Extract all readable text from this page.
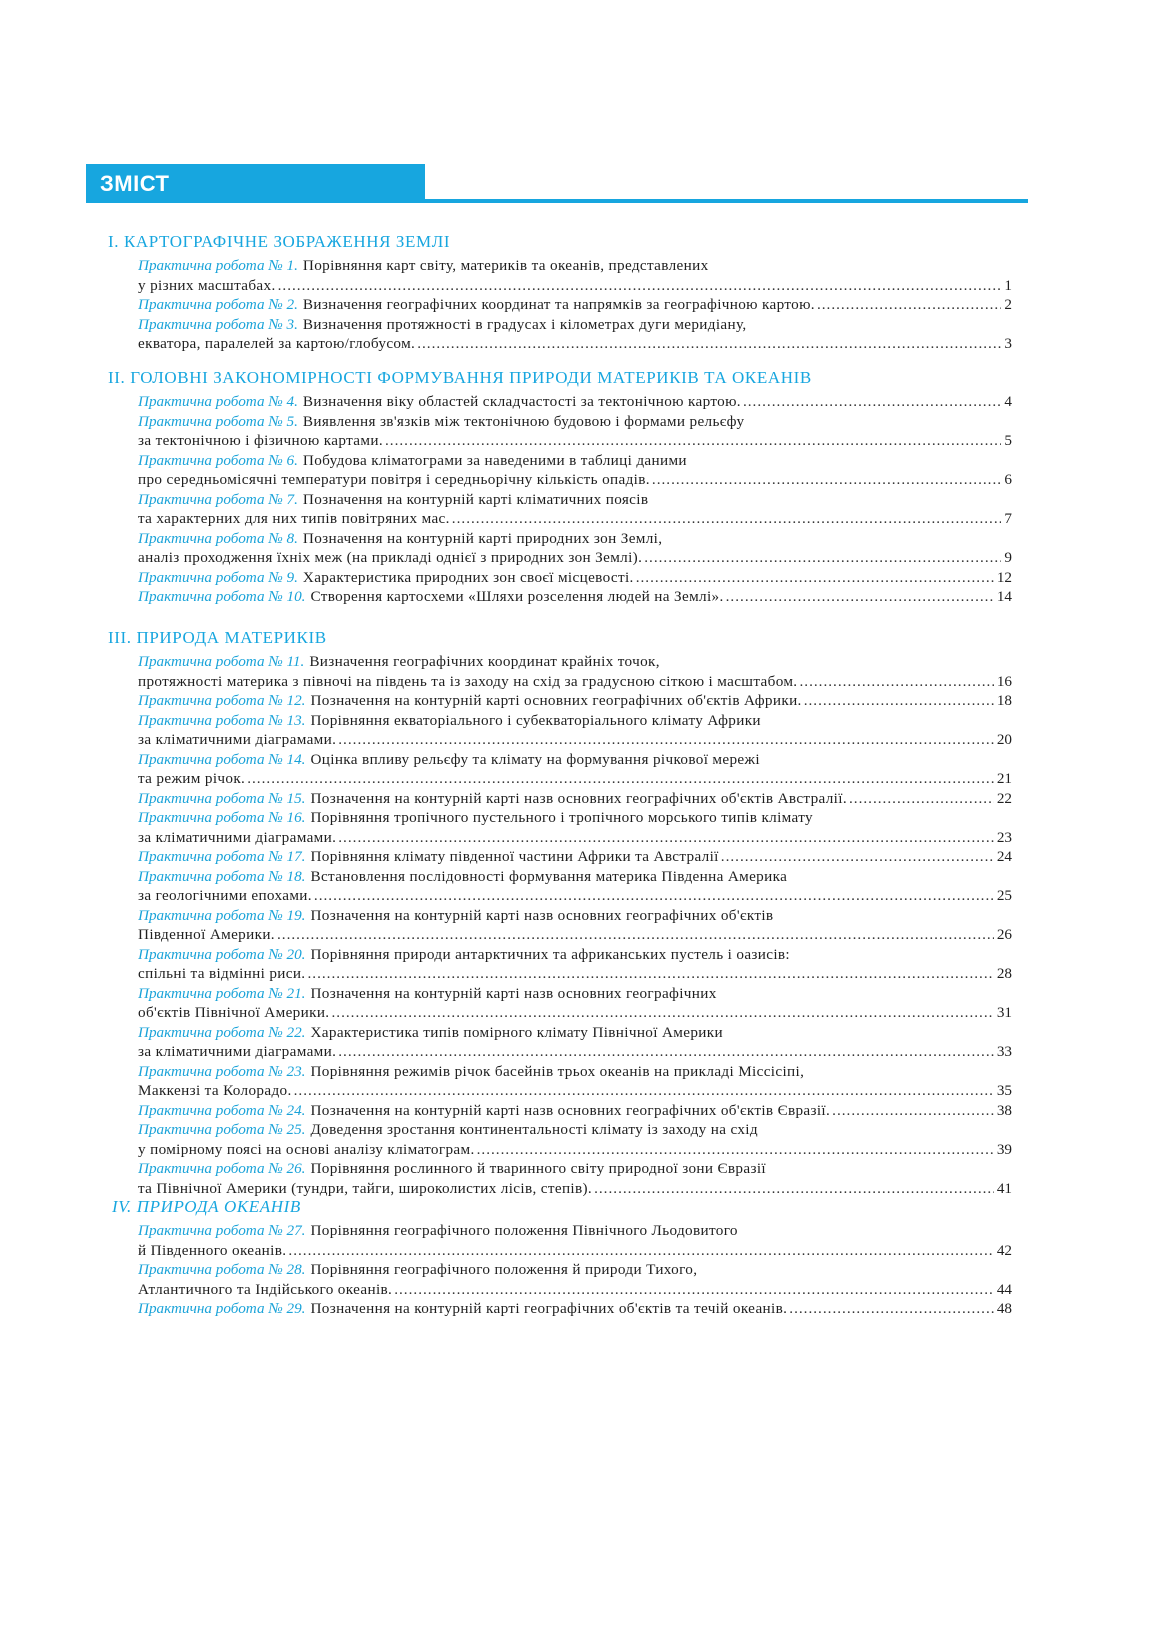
ЗМІСТ
I. КАРТОГРАФІЧНЕ ЗОБРАЖЕННЯ ЗЕМЛІ
Практична робота № 1. Порівняння карт світу, материків та океанів, представлених
у різних масштабах. .....	1
Практична робота № 2. Визначення географічних координат та напрямків за географічною картою. .....	2
Практична робота № 3. Визначення протяжності в градусах і кілометрах дуги меридіану,
екватора, паралелей за картою/глобусом. .....	3
II. ГОЛОВНІ ЗАКОНОМІРНОСТІ ФОРМУВАННЯ ПРИРОДИ МАТЕРИКІВ ТА ОКЕАНІВ
Практична робота № 4. Визначення віку областей складчастості за тектонічною картою. .....	4
Практична робота № 5. Виявлення зв'язків між тектонічною будовою і формами рельєфу
за тектонічною і фізичною картами. .....	5
Практична робота № 6. Побудова кліматограми за наведеними в таблиці даними
про середньомісячні температури повітря і середньорічну кількість опадів. .....	6
Практична робота № 7. Позначення на контурній карті кліматичних поясів
та характерних для них типів повітряних мас. .....	7
Практична робота № 8. Позначення на контурній карті природних зон Землі,
аналіз проходження їхніх меж (на прикладі однієї з природних зон Землі). .....	9
Практична робота № 9. Характеристика природних зон своєї місцевості. .....	12
Практична робота № 10. Створення картосхеми «Шляхи розселення людей на Землі». .....	14
III. ПРИРОДА МАТЕРИКІВ
Практична робота № 11. Визначення географічних координат крайніх точок,
протяжності материка з півночі на південь та із заходу на схід за градусною сіткою і масштабом. .....	16
Практична робота № 12. Позначення на контурній карті основних географічних об'єктів Африки. .....	18
Практична робота № 13. Порівняння екваторіального і субекваторіального клімату Африки
за кліматичними діаграмами. .....	20
Практична робота № 14. Оцінка впливу рельєфу та клімату на формування річкової мережі
та режим річок. .....	21
Практична робота № 15. Позначення на контурній карті назв основних географічних об'єктів Австралії. .....	22
Практична робота № 16. Порівняння тропічного пустельного і тропічного морського типів клімату
за кліматичними діаграмами. .....	23
Практична робота № 17. Порівняння клімату південної частини Африки та Австралії .....	24
Практична робота № 18. Встановлення послідовності формування материка Південна Америка
за геологічними епохами. .....	25
Практична робота № 19. Позначення на контурній карті назв основних географічних об'єктів
Південної Америки. .....	26
Практична робота № 20. Порівняння природи антарктичних та африканських пустель і оазисів:
спільні та відмінні риси. .....	28
Практична робота № 21. Позначення на контурній карті назв основних географічних
об'єктів Північної Америки. .....	31
Практична робота № 22. Характеристика типів помірного клімату Північної Америки
за кліматичними діаграмами. .....	33
Практична робота № 23. Порівняння режимів річок басейнів трьох океанів на прикладі Міссісіпі,
Маккензі та Колорадо. .....	35
Практична робота № 24. Позначення на контурній карті назв основних географічних об'єктів Євразії. .....	38
Практична робота № 25. Доведення зростання континентальності клімату із заходу на схід
у помірному поясі на основі аналізу кліматограм. .....	39
Практична робота № 26. Порівняння рослинного й тваринного світу природної зони Євразії
та Північної Америки (тундри, тайги, широколистих лісів, степів). .....	41
IV. ПРИРОДА ОКЕАНІВ
Практична робота № 27. Порівняння географічного положення Північного Льодовитого
й Південного океанів. .....	42
Практична робота № 28. Порівняння географічного положення й природи Тихого,
Атлантичного та Індійського океанів. .....	44
Практична робота № 29. Позначення на контурній карті географічних об'єктів та течій океанів. .....	48
